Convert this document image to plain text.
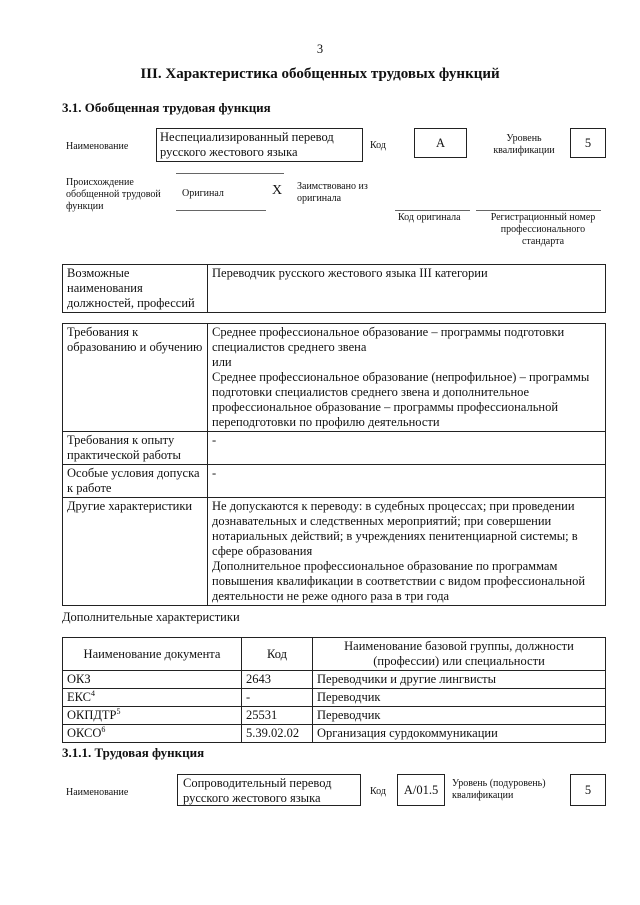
3
III. Характеристика обобщенных трудовых функций
3.1. Обобщенная трудовая функция
Наименование
Неспециализированный перевод русского жестового языка	Код	A	Уровень квалификации
5
Происхождение обобщенной трудовой функции
Оригинал	X Заимствовано из оригинала
Код оригинала	Регистрационный номер профессионального стандарта
Возможные наименования должностей, профессий	Переводчик русского жестового языка III категории
Требования к образованию и обучению	Среднее профессиональное образование – программы подготовки специалистов среднего звена
или
Среднее профессиональное образование (непрофильное) – программы подготовки специалистов среднего звена и дополнительное профессиональное образование – программы профессиональной переподготовки по профилю деятельности

Требования к опыту практической работы	-
Особые условия допуска к работе	-
Другие характеристики	Не допускаются к переводу: в судебных процессах; при проведении дознавательных и следственных мероприятий; при совершении нотариальных действий; в учреждениях пенитенциарной системы; в сфере образования
Дополнительное профессиональное образование по программам повышения квалификации в соответствии с видом профессиональной деятельности не реже одного раза в три года
Дополнительные характеристики
Наименование документа	Код	Наименование базовой группы, должности (профессии) или специальности
ОКЗ	2643	Переводчики и другие лингвисты
ЕКС$^4$	-	Переводчик
ОКПДТР$^5$	25531	Переводчик
ОКСО$^6$	5.39.02.02	Организация сурдокоммуникации
3.1.1. Трудовая функция
Наименование
Сопроводительный перевод русского жестового языка	Код	A/01.5	Уровень (подуровень) квалификации	5
